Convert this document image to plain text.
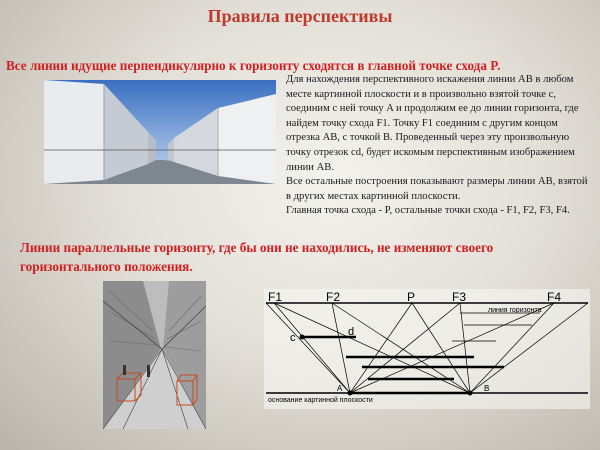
Правила перспективы
Все линии идущие перпендикулярно к горизонту сходятся в главной точке схода P.

Для нахождения перспективного искажения линии AB в любом месте картинной плоскости и в произвольно взятой точке с, соединим с ней точку A и продолжим ее до линии горизонта, где найдем точку схода F1. Точку F1 соединим с другим концом отрезка AB, с точкой B. Проведенный через эту произвольную точку отрезок cd, будет искомым перспективным изображением линии AB.

Все остальные построения показывают размеры линии AB, взятой в других местах картинной плоскости.

Главная точка схода - P, остальные точки схода - F1, F2, F3, F4.

Линии параллельные горизонту, где бы они не находились, не изменяют своего горизонтального положения.
F1	F2	P	F3	F4
линия горизонта
основание картинной плоскости
c	d
A	B
